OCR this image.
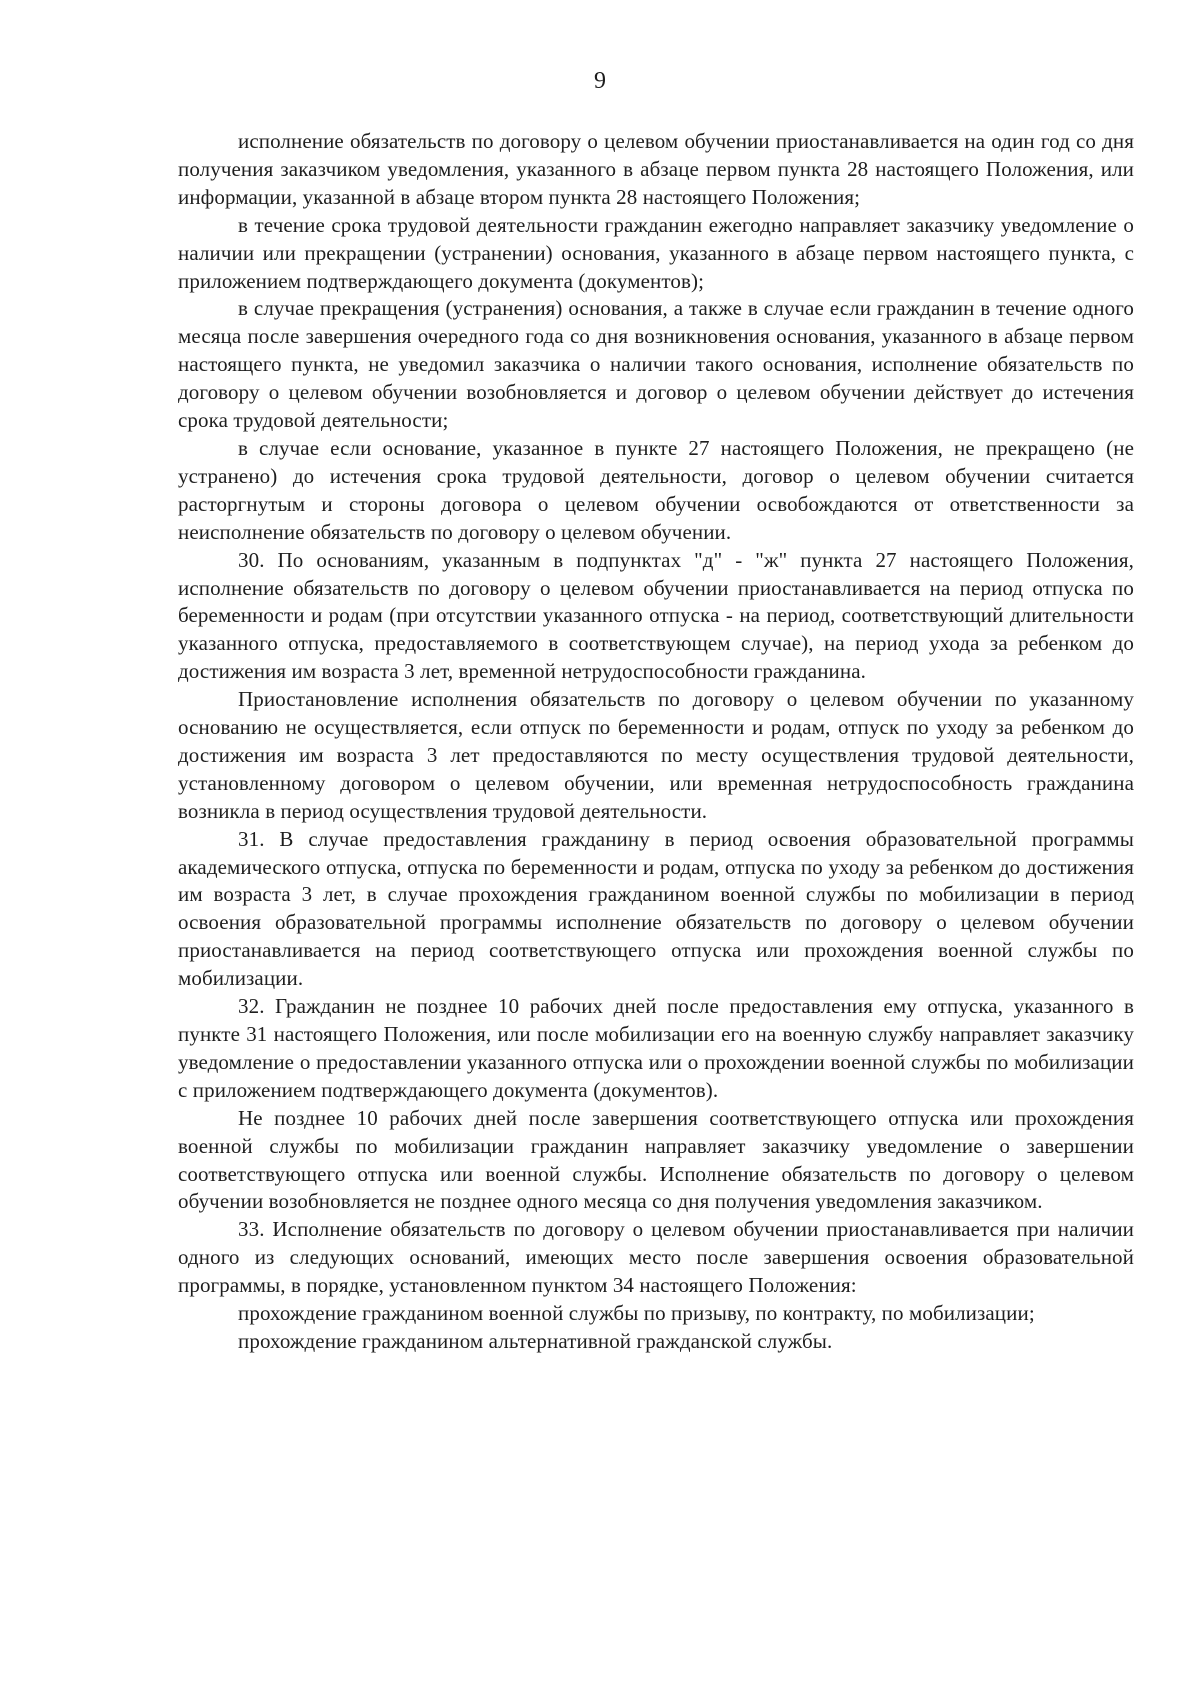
9

исполнение обязательств по договору о целевом обучении приостанавливается на один год со дня получения заказчиком уведомления, указанного в абзаце первом пункта 28 настоящего Положения, или информации, указанной в абзаце втором пункта 28 настоящего Положения;

в течение срока трудовой деятельности гражданин ежегодно направляет заказчику уведомление о наличии или прекращении (устранении) основания, указанного в абзаце первом настоящего пункта, с приложением подтверждающего документа (документов);

в случае прекращения (устранения) основания, а также в случае если гражданин в течение одного месяца после завершения очередного года со дня возникновения основания, указанного в абзаце первом настоящего пункта, не уведомил заказчика о наличии такого основания, исполнение обязательств по договору о целевом обучении возобновляется и договор о целевом обучении действует до истечения срока трудовой деятельности;

в случае если основание, указанное в пункте 27 настоящего Положения, не прекращено (не устранено) до истечения срока трудовой деятельности, договор о целевом обучении считается расторгнутым и стороны договора о целевом обучении освобождаются от ответственности за неисполнение обязательств по договору о целевом обучении.

30. По основаниям, указанным в подпунктах "д" - "ж" пункта 27 настоящего Положения, исполнение обязательств по договору о целевом обучении приостанавливается на период отпуска по беременности и родам (при отсутствии указанного отпуска - на период, соответствующий длительности указанного отпуска, предоставляемого в соответствующем случае), на период ухода за ребенком до достижения им возраста 3 лет, временной нетрудоспособности гражданина.

Приостановление исполнения обязательств по договору о целевом обучении по указанному основанию не осуществляется, если отпуск по беременности и родам, отпуск по уходу за ребенком до достижения им возраста 3 лет предоставляются по месту осуществления трудовой деятельности, установленному договором о целевом обучении, или временная нетрудоспособность гражданина возникла в период осуществления трудовой деятельности.

31. В случае предоставления гражданину в период освоения образовательной программы академического отпуска, отпуска по беременности и родам, отпуска по уходу за ребенком до достижения им возраста 3 лет, в случае прохождения гражданином военной службы по мобилизации в период освоения образовательной программы исполнение обязательств по договору о целевом обучении приостанавливается на период соответствующего отпуска или прохождения военной службы по мобилизации.

32. Гражданин не позднее 10 рабочих дней после предоставления ему отпуска, указанного в пункте 31 настоящего Положения, или после мобилизации его на военную службу направляет заказчику уведомление о предоставлении указанного отпуска или о прохождении военной службы по мобилизации с приложением подтверждающего документа (документов).

Не позднее 10 рабочих дней после завершения соответствующего отпуска или прохождения военной службы по мобилизации гражданин направляет заказчику уведомление о завершении соответствующего отпуска или военной службы. Исполнение обязательств по договору о целевом обучении возобновляется не позднее одного месяца со дня получения уведомления заказчиком.

33. Исполнение обязательств по договору о целевом обучении приостанавливается при наличии одного из следующих оснований, имеющих место после завершения освоения образовательной программы, в порядке, установленном пунктом 34 настоящего Положения:

прохождение гражданином военной службы по призыву, по контракту, по мобилизации;

прохождение гражданином альтернативной гражданской службы.
